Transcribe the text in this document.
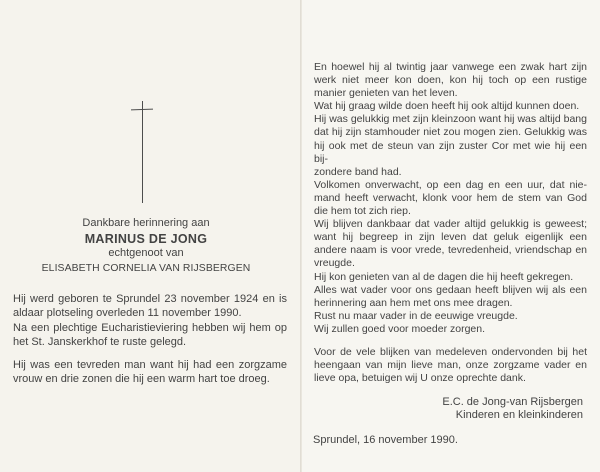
Dankbare herinnering aan
MARINUS DE JONG
echtgenoot van
ELISABETH CORNELIA VAN RIJSBERGEN
Hij werd geboren te Sprundel 23 november 1924 en is
aldaar plotseling overleden 11 november 1990.
Na een plechtige Eucharistieviering hebben wij hem op
het St. Janskerkhof te ruste gelegd.
Hij was een tevreden man want hij had een zorgzame
vrouw en drie zonen die hij een warm hart toe droeg.
En hoewel hij al twintig jaar vanwege een zwak hart zijn
werk niet meer kon doen, kon hij toch op een rustige
manier genieten van het leven.
Wat hij graag wilde doen heeft hij ook altijd kunnen doen.
Hij was gelukkig met zijn kleinzoon want hij was altijd bang
dat hij zijn stamhouder niet zou mogen zien. Gelukkig was
hij ook met de steun van zijn zuster Cor met wie hij een bij-
zondere band had.
Volkomen onverwacht, op een dag en een uur, dat nie-
mand heeft verwacht, klonk voor hem de stem van God
die hem tot zich riep.
Wij blijven dankbaar dat vader altijd gelukkig is geweest;
want hij begreep in zijn leven dat geluk eigenlijk een
andere naam is voor vrede, tevredenheid, vriendschap en
vreugde.
Hij kon genieten van al de dagen die hij heeft gekregen.
Alles wat vader voor ons gedaan heeft blijven wij als een
herinnering aan hem met ons mee dragen.
Rust nu maar vader in de eeuwige vreugde.
Wij zullen goed voor moeder zorgen.
Voor de vele blijken van medeleven ondervonden bij het
heengaan van mijn lieve man, onze zorgzame vader en
lieve opa, betuigen wij U onze oprechte dank.
E.C. de Jong-van Rijsbergen
Kinderen en kleinkinderen
Sprundel, 16 november 1990.
